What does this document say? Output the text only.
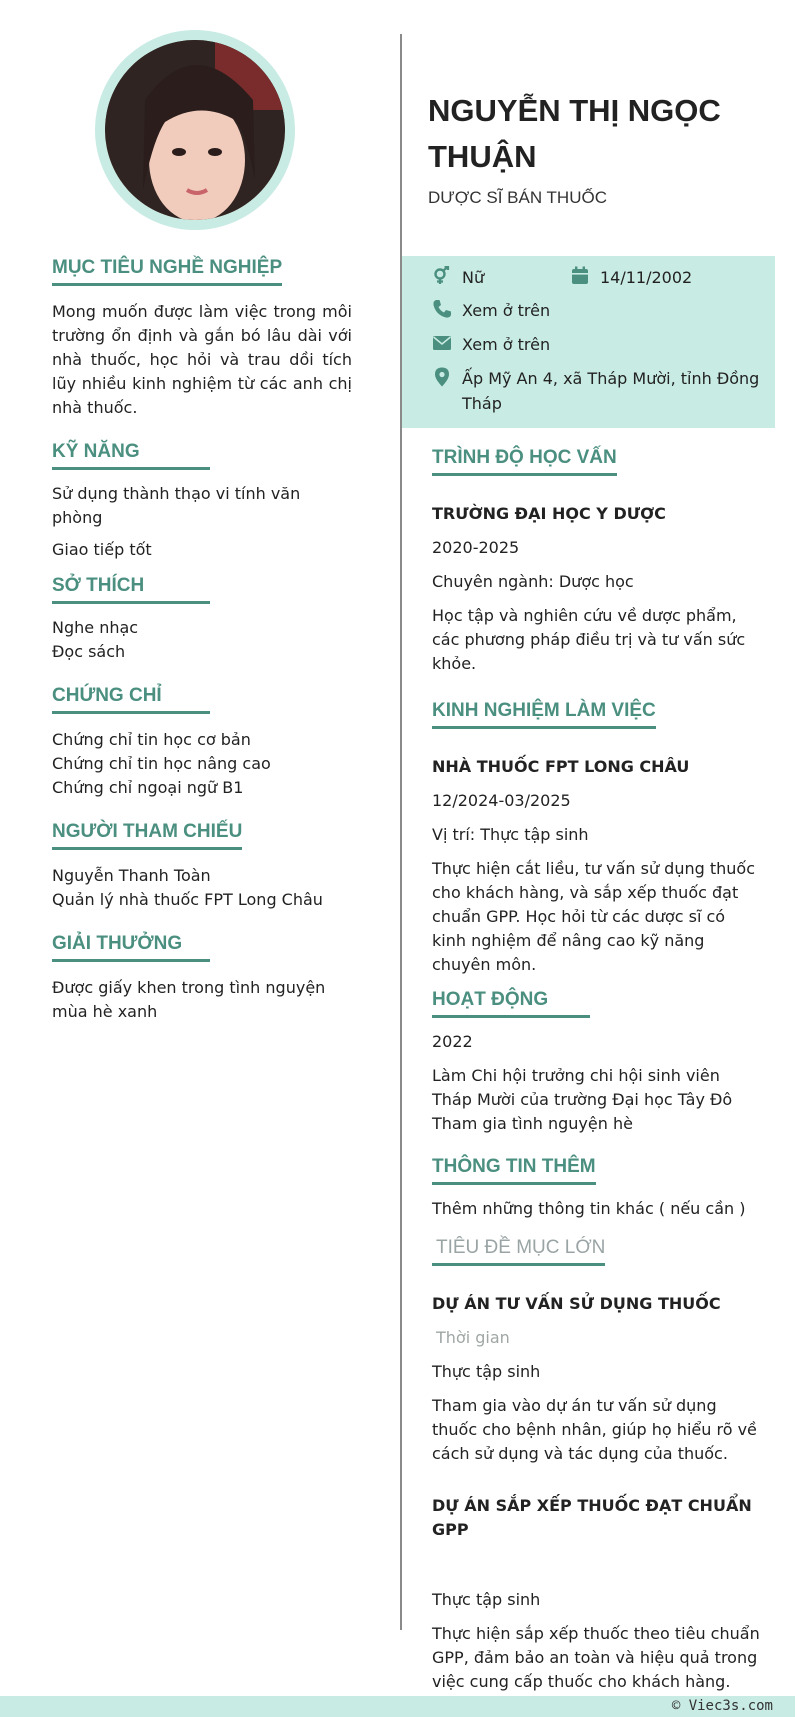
MỤC TIÊU NGHỀ NGHIỆP

Mong muốn được làm việc trong môi trường ổn định và gắn bó lâu dài với nhà thuốc, học hỏi và trau dồi tích lũy nhiều kinh nghiệm từ các anh chị nhà thuốc.

KỸ NĂNG

Sử dụng thành thạo vi tính văn phòng

Giao tiếp tốt

SỞ THÍCH

Nghe nhạc

Đọc sách

CHỨNG CHỈ

Chứng chỉ tin học cơ bản

Chứng chỉ tin học nâng cao

Chứng chỉ ngoại ngữ B1

NGƯỜI THAM CHIẾU

Nguyễn Thanh Toàn

Quản lý nhà thuốc FPT Long Châu

GIẢI THƯỞNG

Được giấy khen trong tình nguyện mùa hè xanh

NGUYỄN THỊ NGỌC THUẬN
DƯỢC SĨ BÁN THUỐC
Nữ	14/11/2002
Xem ở trên
Xem ở trên
Ấp Mỹ An 4, xã Tháp Mười, tỉnh Đồng Tháp
TRÌNH ĐỘ HỌC VẤN

TRƯỜNG ĐẠI HỌC Y DƯỢC

2020-2025

Chuyên ngành: Dược học

Học tập và nghiên cứu về dược phẩm, các phương pháp điều trị và tư vấn sức khỏe.

KINH NGHIỆM LÀM VIỆC

NHÀ THUỐC FPT LONG CHÂU

12/2024-03/2025

Vị trí: Thực tập sinh

Thực hiện cắt liều, tư vấn sử dụng thuốc cho khách hàng, và sắp xếp thuốc đạt chuẩn GPP. Học hỏi từ các dược sĩ có kinh nghiệm để nâng cao kỹ năng chuyên môn.

HOẠT ĐỘNG

2022

Làm Chi hội trưởng chi hội sinh viên Tháp Mười của trường Đại học Tây Đô

Tham gia tình nguyện hè

THÔNG TIN THÊM

Thêm những thông tin khác ( nếu cần )

TIÊU ĐỀ MỤC LỚN

DỰ ÁN TƯ VẤN SỬ DỤNG THUỐC

Thời gian

Thực tập sinh

Tham gia vào dự án tư vấn sử dụng thuốc cho bệnh nhân, giúp họ hiểu rõ về cách sử dụng và tác dụng của thuốc.

DỰ ÁN SẮP XẾP THUỐC ĐẠT CHUẨN GPP

Thực tập sinh

Thực hiện sắp xếp thuốc theo tiêu chuẩn GPP, đảm bảo an toàn và hiệu quả trong việc cung cấp thuốc cho khách hàng.

© Viec3s.com
